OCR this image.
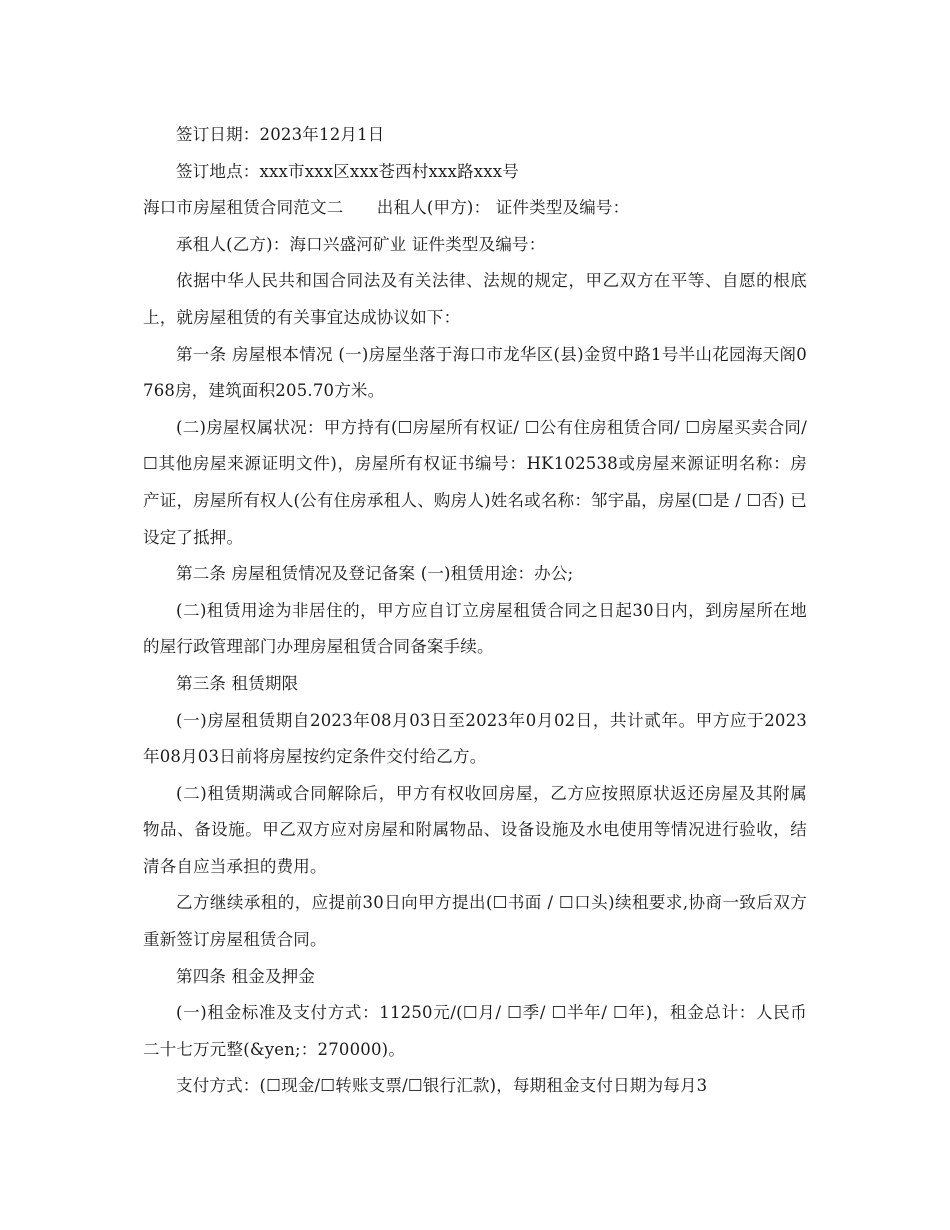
签订日期：2023年12月1日

签订地点：xxx市xxx区xxx苍西村xxx路xxx号

海口市房屋租赁合同范文二　　出租人(甲方)： 证件类型及编号：

承租人(乙方)：海口兴盛河矿业 证件类型及编号：

依据中华人民共和国合同法及有关法律、法规的规定，甲乙双方在平等、自愿的根底上，就房屋租赁的有关事宜达成协议如下：

第一条 房屋根本情况 (一)房屋坐落于海口市龙华区(县)金贸中路1号半山花园海天阁0768房，建筑面积205.70方米。

(二)房屋权属状况：甲方持有(☐房屋所有权证/ ☐公有住房租赁合同/ ☐房屋买卖合同/ ☐其他房屋来源证明文件)，房屋所有权证书编号：HK102538或房屋来源证明名称：房产证，房屋所有权人(公有住房承租人、购房人)姓名或名称：邹宇晶，房屋(☐是 / ☐否) 已设定了抵押。

第二条 房屋租赁情况及登记备案 (一)租赁用途：办公;

(二)租赁用途为非居住的，甲方应自订立房屋租赁合同之日起30日内，到房屋所在地的屋行政管理部门办理房屋租赁合同备案手续。

第三条 租赁期限

(一)房屋租赁期自2023年08月03日至2023年0月02日，共计贰年。甲方应于2023年08月03日前将房屋按约定条件交付给乙方。

(二)租赁期满或合同解除后，甲方有权收回房屋，乙方应按照原状返还房屋及其附属物品、备设施。甲乙双方应对房屋和附属物品、设备设施及水电使用等情况进行验收，结清各自应当承担的费用。

乙方继续承租的，应提前30日向甲方提出(☐书面 / ☐口头)续租要求,协商一致后双方重新签订房屋租赁合同。

第四条 租金及押金

(一)租金标准及支付方式：11250元/(☐月/ ☐季/ ☐半年/ ☐年)，租金总计：人民币 二十七万元整(&yen;：270000)。

支付方式：(☐现金/☐转账支票/☐银行汇款)，每期租金支付日期为每月3
